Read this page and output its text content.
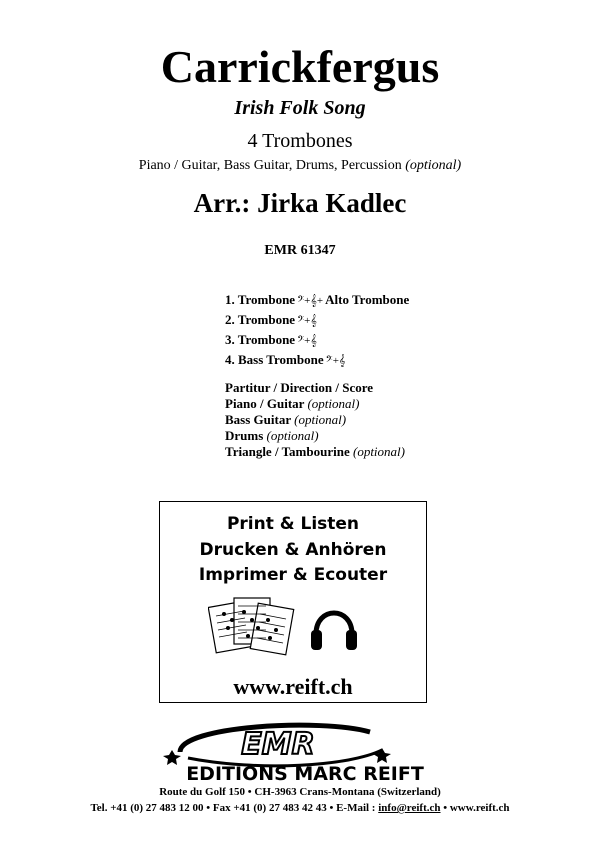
Carrickfergus
Irish Folk Song
4 Trombones
Piano / Guitar, Bass Guitar, Drums, Percussion (optional)
Arr.: Jirka Kadlec
EMR 61347
1. Trombone 𝄢+𝄞+ Alto Trombone
2. Trombone 𝄢+𝄞
3. Trombone 𝄢+𝄞
4. Bass Trombone 𝄢+𝄞
Partitur / Direction / Score
Piano / Guitar (optional)
Bass Guitar (optional)
Drums (optional)
Triangle / Tambourine (optional)
Print & Listen
Drucken & Anhören
Imprimer & Ecouter
www.reift.ch
EMR
EDITIONS MARC REIFT
Route du Golf 150 • CH-3963 Crans-Montana (Switzerland)
Tel. +41 (0) 27 483 12 00 • Fax +41 (0) 27 483 42 43 • E-Mail : info@reift.ch • www.reift.ch
